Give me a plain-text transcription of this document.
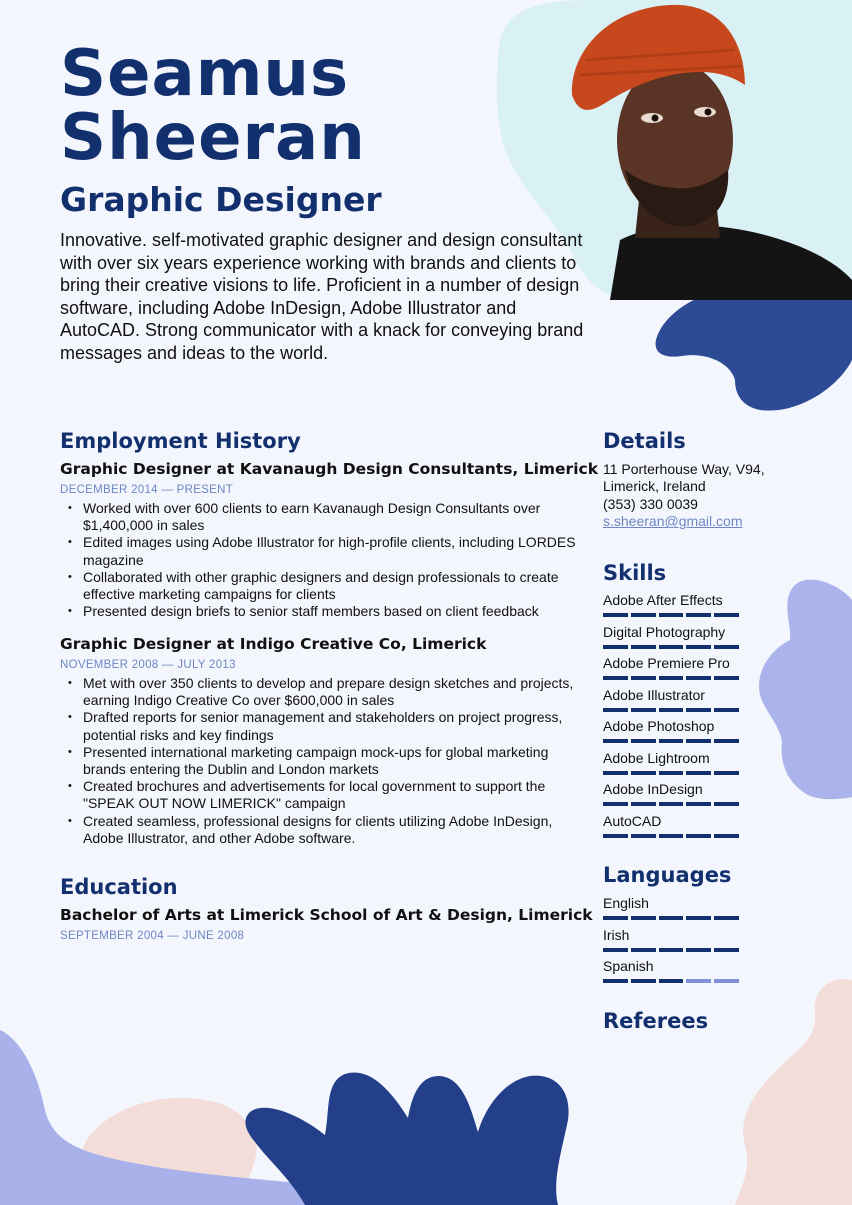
Seamus
Sheeran
Graphic Designer

Innovative. self-motivated graphic designer and design consultant with over six years experience working with brands and clients to bring their creative visions to life. Proficient in a number of design software, including Adobe InDesign, Adobe Illustrator and AutoCAD. Strong communicator with a knack for conveying brand messages and ideas to the world.

Employment History
Graphic Designer at Kavanaugh Design Consultants, Limerick

DECEMBER 2014 — PRESENT

• Worked with over 600 clients to earn Kavanaugh Design Consultants over $1,400,000 in sales
• Edited images using Adobe Illustrator for high-profile clients, including LORDES magazine
• Collaborated with other graphic designers and design professionals to create effective marketing campaigns for clients
• Presented design briefs to senior staff members based on client feedback
Graphic Designer at Indigo Creative Co, Limerick

NOVEMBER 2008 — JULY 2013

• Met with over 350 clients to develop and prepare design sketches and projects, earning Indigo Creative Co over $600,000 in sales
• Drafted reports for senior management and stakeholders on project progress, potential risks and key findings
• Presented international marketing campaign mock-ups for global marketing brands entering the Dublin and London markets
• Created brochures and advertisements for local government to support the "SPEAK OUT NOW LIMERICK" campaign
• Created seamless, professional designs for clients utilizing Adobe InDesign, Adobe Illustrator, and other Adobe software.
Education
Bachelor of Arts at Limerick School of Art & Design, Limerick

SEPTEMBER 2004 — JUNE 2008

Details

11 Porterhouse Way, V94,
Limerick, Ireland
(353) 330 0039
s.sheeran@gmail.com

Skills
Adobe After Effects
Digital Photography
Adobe Premiere Pro
Adobe Illustrator
Adobe Photoshop
Adobe Lightroom
Adobe InDesign
AutoCAD
Languages
English
Irish
Spanish
Referees
